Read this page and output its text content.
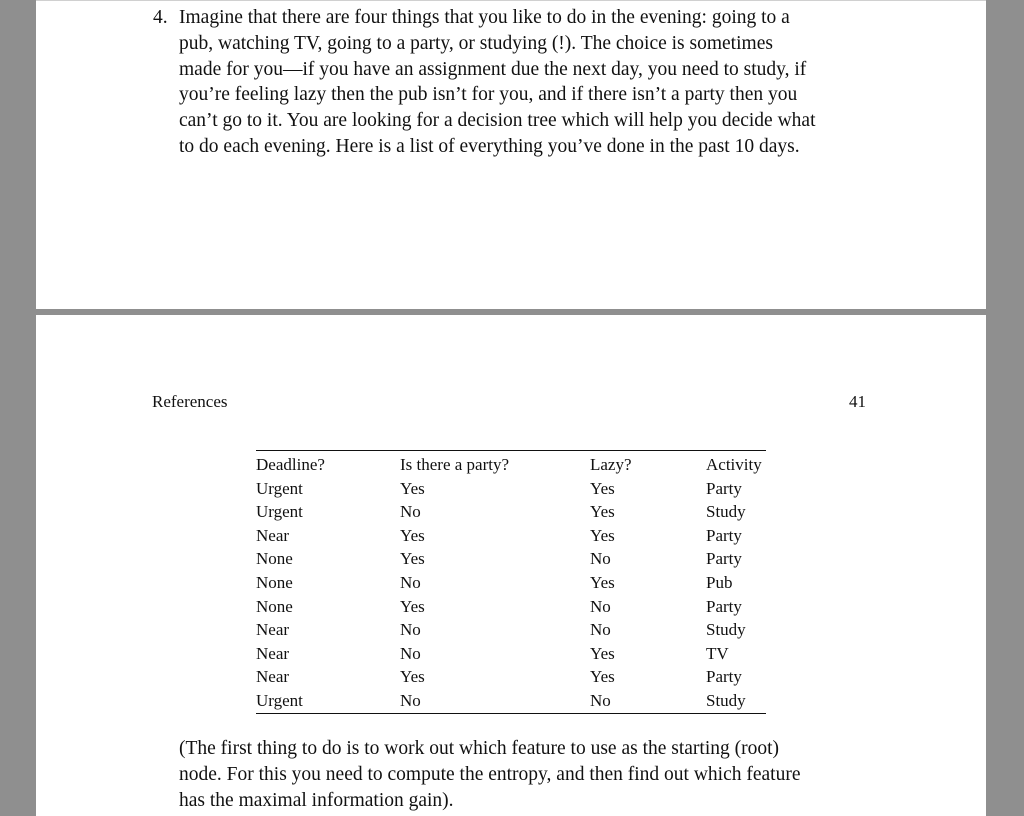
4. Imagine that there are four things that you like to do in the evening: going to a
pub, watching TV, going to a party, or studying (!). The choice is sometimes
made for you—if you have an assignment due the next day, you need to study, if
you’re feeling lazy then the pub isn’t for you, and if there isn’t a party then you
can’t go to it. You are looking for a decision tree which will help you decide what
to do each evening. Here is a list of everything you’ve done in the past 10 days.
References	41
Deadline?	Is there a party?	Lazy?	Activity
Urgent	Yes	Yes	Party
Urgent	No	Yes	Study
Near	Yes	Yes	Party
None	Yes	No	Party
None	No	Yes	Pub
None	Yes	No	Party
Near	No	No	Study
Near	No	Yes	TV
Near	Yes	Yes	Party
Urgent	No	No	Study
(The first thing to do is to work out which feature to use as the starting (root)
node. For this you need to compute the entropy, and then find out which feature
has the maximal information gain).
